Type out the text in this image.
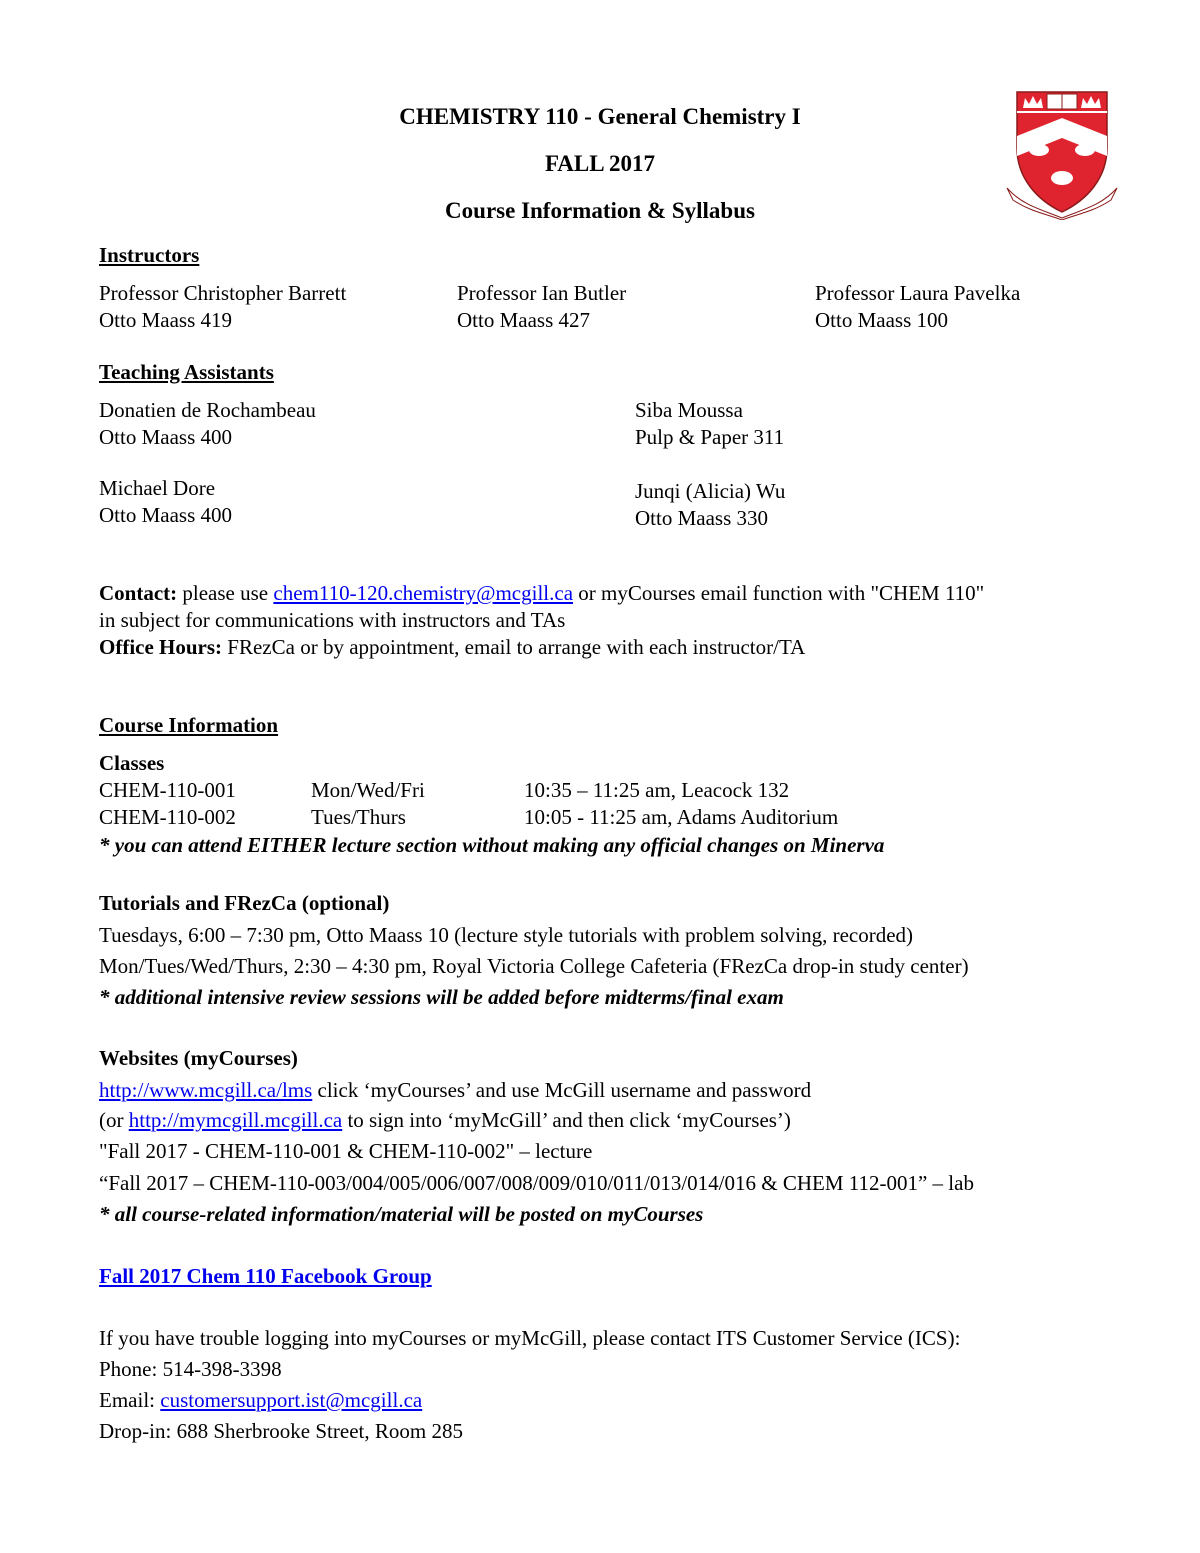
CHEMISTRY 110 - General Chemistry I
FALL 2017
Course Information & Syllabus
Instructors
Professor Christopher Barrett
Otto Maass 419
Professor Ian Butler
Otto Maass 427
Professor Laura Pavelka
Otto Maass 100
Teaching Assistants
Donatien de Rochambeau
Otto Maass 400
Siba Moussa
Pulp & Paper 311
Michael Dore
Otto Maass 400
Junqi (Alicia) Wu
Otto Maass 330
Contact: please use chem110-120.chemistry@mcgill.ca or myCourses email function with "CHEM 110"
in subject for communications with instructors and TAs
Office Hours: FRezCa or by appointment, email to arrange with each instructor/TA
Course Information
Classes
CHEM-110-001	Mon/Wed/Fri	10:35 – 11:25 am, Leacock 132
CHEM-110-002	Tues/Thurs	10:05 - 11:25 am, Adams Auditorium
* you can attend EITHER lecture section without making any official changes on Minerva
Tutorials and FRezCa (optional)
Tuesdays, 6:00 – 7:30 pm, Otto Maass 10 (lecture style tutorials with problem solving, recorded)
Mon/Tues/Wed/Thurs, 2:30 – 4:30 pm, Royal Victoria College Cafeteria (FRezCa drop-in study center)
* additional intensive review sessions will be added before midterms/final exam
Websites (myCourses)
http://www.mcgill.ca/lms click ‘myCourses’ and use McGill username and password
(or http://mymcgill.mcgill.ca to sign into ‘myMcGill’ and then click ‘myCourses’)
"Fall 2017 - CHEM-110-001 & CHEM-110-002" – lecture
“Fall 2017 – CHEM-110-003/004/005/006/007/008/009/010/011/013/014/016 & CHEM 112-001” – lab
* all course-related information/material will be posted on myCourses
Fall 2017 Chem 110 Facebook Group
If you have trouble logging into myCourses or myMcGill, please contact ITS Customer Service (ICS):
Phone: 514-398-3398
Email: customersupport.ist@mcgill.ca
Drop-in: 688 Sherbrooke Street, Room 285
